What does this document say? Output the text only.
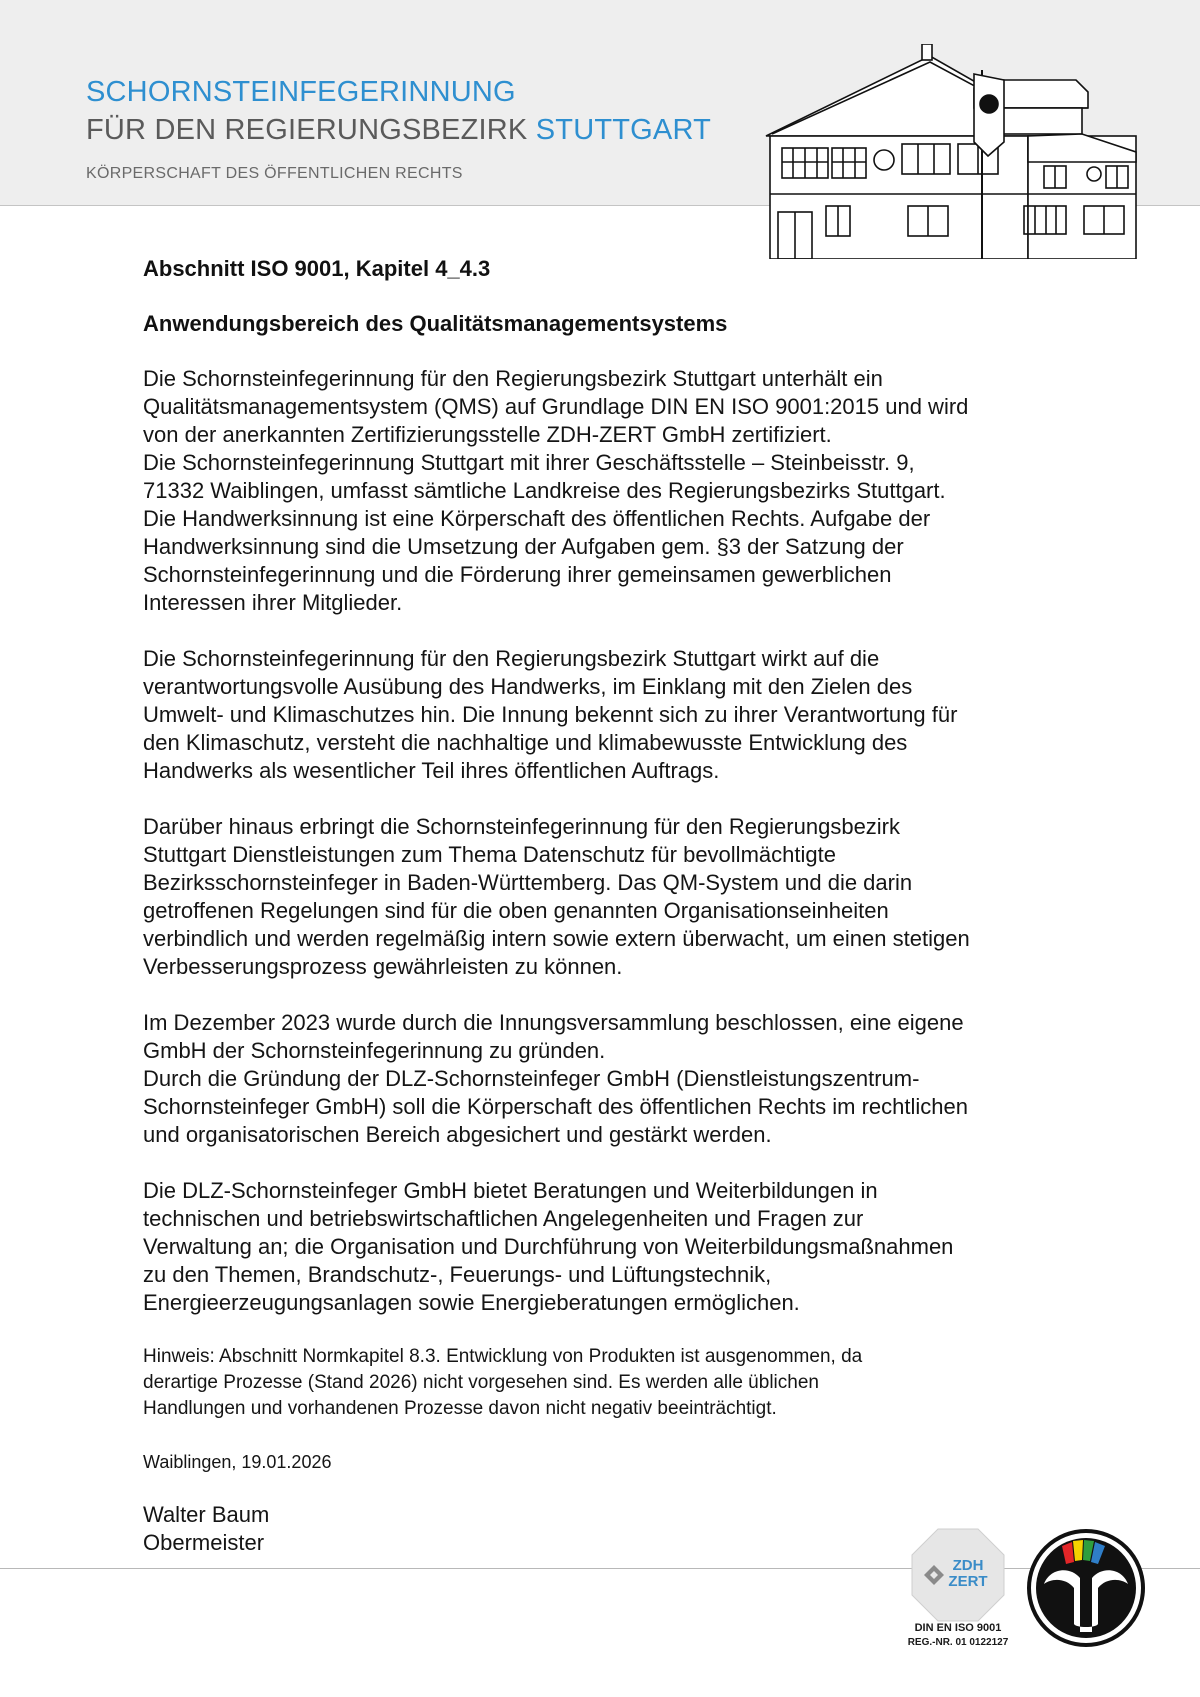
SCHORNSTEINFEGERINNUNG
FÜR DEN REGIERUNGSBEZIRK STUTTGART
KÖRPERSCHAFT DES ÖFFENTLICHEN RECHTS
Abschnitt ISO 9001, Kapitel 4_4.3
Anwendungsbereich des Qualitätsmanagementsystems

Die Schornsteinfegerinnung für den Regierungsbezirk Stuttgart unterhält ein
Qualitätsmanagementsystem (QMS) auf Grundlage DIN EN ISO 9001:2015 und wird
von der anerkannten Zertifizierungsstelle ZDH-ZERT GmbH zertifiziert.
Die Schornsteinfegerinnung Stuttgart mit ihrer Geschäftsstelle – Steinbeisstr. 9,
71332 Waiblingen, umfasst sämtliche Landkreise des Regierungsbezirks Stuttgart.
Die Handwerksinnung ist eine Körperschaft des öffentlichen Rechts. Aufgabe der
Handwerksinnung sind die Umsetzung der Aufgaben gem. §3 der Satzung der
Schornsteinfegerinnung und die Förderung ihrer gemeinsamen gewerblichen
Interessen ihrer Mitglieder.

Die Schornsteinfegerinnung für den Regierungsbezirk Stuttgart wirkt auf die
verantwortungsvolle Ausübung des Handwerks, im Einklang mit den Zielen des
Umwelt- und Klimaschutzes hin. Die Innung bekennt sich zu ihrer Verantwortung für
den Klimaschutz, versteht die nachhaltige und klimabewusste Entwicklung des
Handwerks als wesentlicher Teil ihres öffentlichen Auftrags.

Darüber hinaus erbringt die Schornsteinfegerinnung für den Regierungsbezirk
Stuttgart Dienstleistungen zum Thema Datenschutz für bevollmächtigte
Bezirksschornsteinfeger in Baden-Württemberg. Das QM-System und die darin
getroffenen Regelungen sind für die oben genannten Organisationseinheiten
verbindlich und werden regelmäßig intern sowie extern überwacht, um einen stetigen
Verbesserungsprozess gewährleisten zu können.

Im Dezember 2023 wurde durch die Innungsversammlung beschlossen, eine eigene
GmbH der Schornsteinfegerinnung zu gründen.
Durch die Gründung der DLZ-Schornsteinfeger GmbH (Dienstleistungszentrum-
Schornsteinfeger GmbH) soll die Körperschaft des öffentlichen Rechts im rechtlichen
und organisatorischen Bereich abgesichert und gestärkt werden.

Die DLZ-Schornsteinfeger GmbH bietet Beratungen und Weiterbildungen in
technischen und betriebswirtschaftlichen Angelegenheiten und Fragen zur
Verwaltung an; die Organisation und Durchführung von Weiterbildungsmaßnahmen
zu den Themen, Brandschutz-, Feuerungs- und Lüftungstechnik,
Energieerzeugungsanlagen sowie Energieberatungen ermöglichen.

Hinweis: Abschnitt Normkapitel 8.3. Entwicklung von Produkten ist ausgenommen, da
derartige Prozesse (Stand 2026) nicht vorgesehen sind. Es werden alle üblichen
Handlungen und vorhandenen Prozesse davon nicht negativ beeinträchtigt.

Waiblingen, 19.01.2026
Walter Baum
Obermeister
ZDH
ZERT
DIN EN ISO 9001
REG.-NR. 01 0122127
